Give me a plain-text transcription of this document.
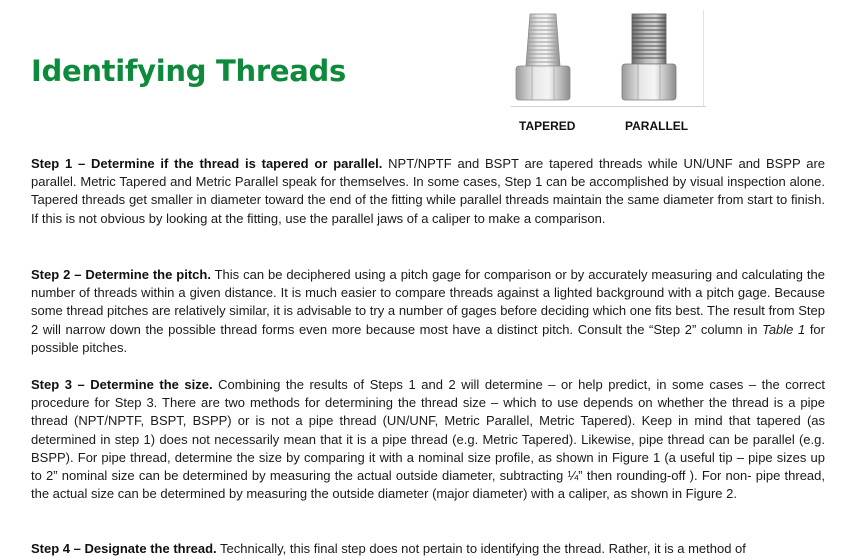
Identifying Threads
TAPERED	PARALLEL

Step 1 – Determine if the thread is tapered or parallel. NPT/NPTF and BSPT are tapered threads while UN/UNF and BSPP are parallel. Metric Tapered and Metric Parallel speak for themselves. In some cases, Step 1 can be accomplished by visual inspection alone. Tapered threads get smaller in diameter toward the end of the fitting while parallel threads maintain the same diameter from start to finish. If this is not obvious by looking at the fitting, use the parallel jaws of a caliper to make a comparison.

Step 2 – Determine the pitch. This can be deciphered using a pitch gage for comparison or by accurately measuring and calculating the number of threads within a given distance. It is much easier to compare threads against a lighted background with a pitch gage. Because some thread pitches are relatively similar, it is advisable to try a number of gages before deciding which one fits best. The result from Step 2 will narrow down the possible thread forms even more because most have a distinct pitch. Consult the “Step 2” column in Table 1 for possible pitches.

Step 3 – Determine the size. Combining the results of Steps 1 and 2 will determine – or help predict, in some cases – the correct procedure for Step 3. There are two methods for determining the thread size – which to use depends on whether the thread is a pipe thread (NPT/NPTF, BSPT, BSPP) or is not a pipe thread (UN/UNF, Metric Parallel, Metric Tapered). Keep in mind that tapered (as determined in step 1) does not necessarily mean that it is a pipe thread (e.g. Metric Tapered). Likewise, pipe thread can be parallel (e.g. BSPP). For pipe thread, determine the size by comparing it with a nominal size profile, as shown in Figure 1 (a useful tip – pipe sizes up to 2” nominal size can be determined by measuring the actual outside diameter, subtracting ¼” then rounding-off ). For non- pipe thread, the actual size can be determined by measuring the outside diameter (major diameter) with a caliper, as shown in Figure 2.

Step 4 – Designate the thread. Technically, this final step does not pertain to identifying the thread. Rather, it is a method of
